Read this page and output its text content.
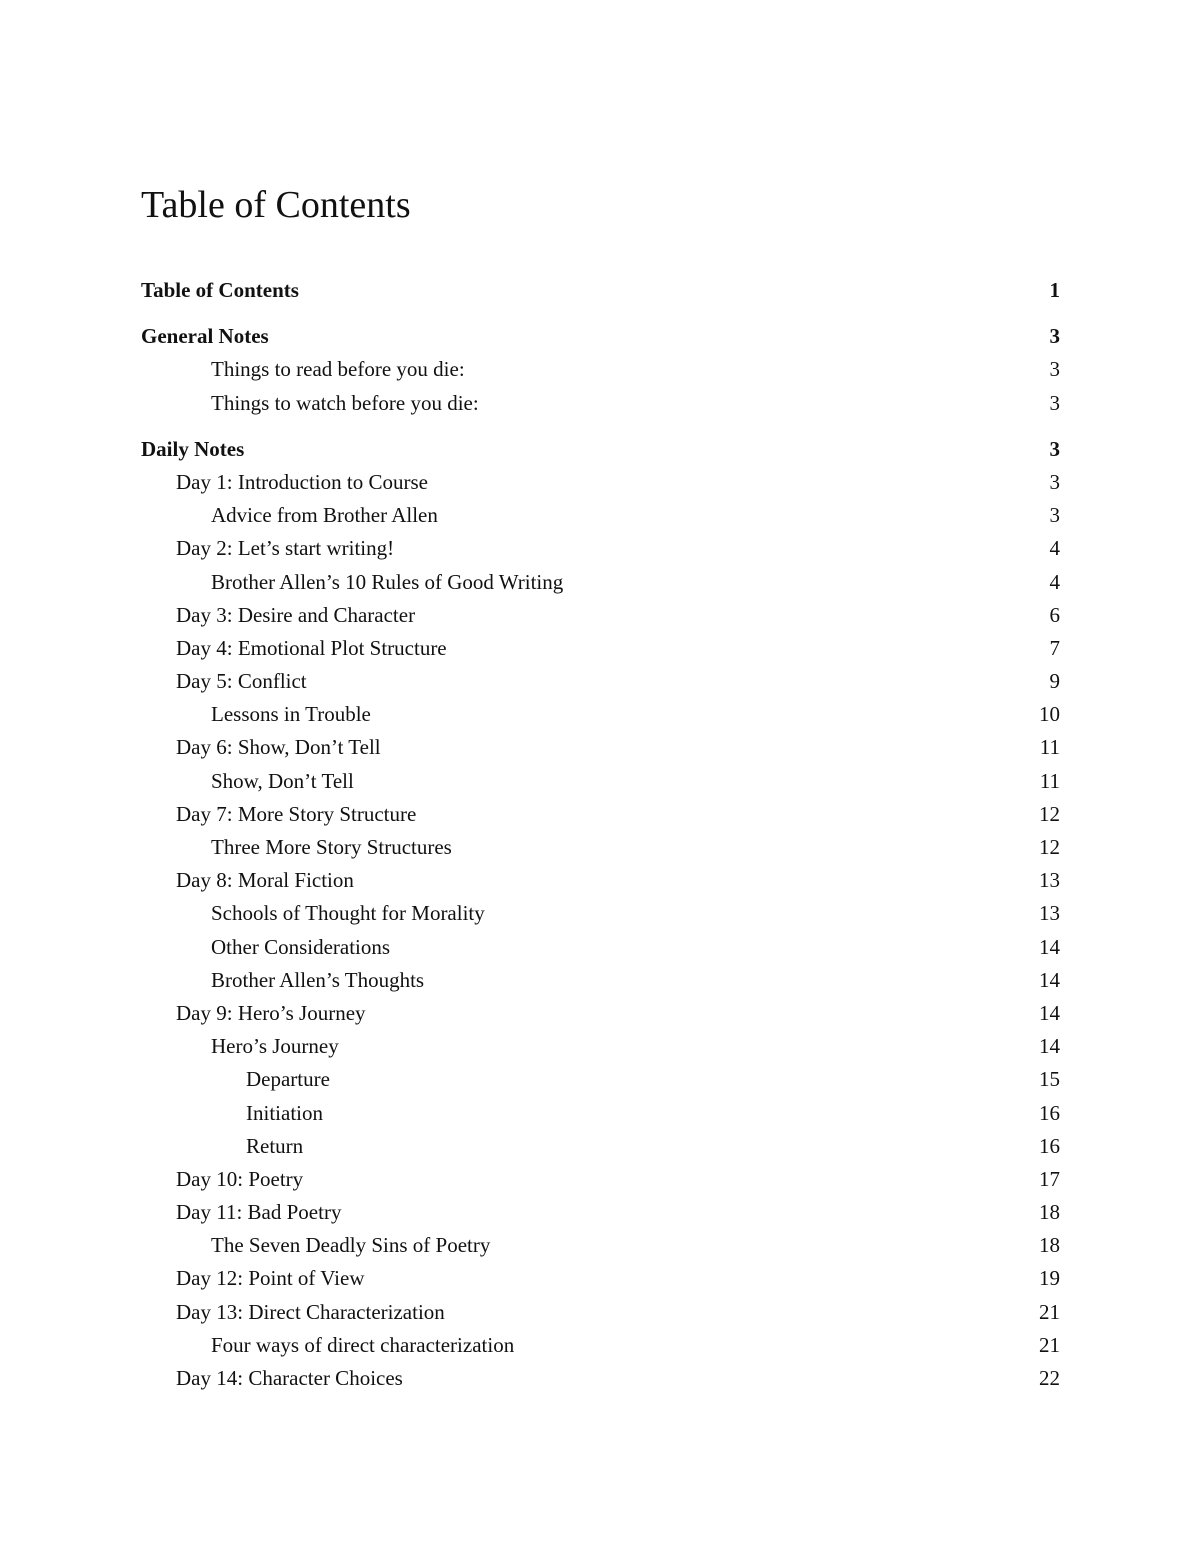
Table of Contents
Table of Contents	1
General Notes	3
Things to read before you die:	3
Things to watch before you die:	3
Daily Notes	3
Day 1: Introduction to Course	3
Advice from Brother Allen	3
Day 2: Let’s start writing!	4
Brother Allen’s 10 Rules of Good Writing	4
Day 3: Desire and Character	6
Day 4: Emotional Plot Structure	7
Day 5: Conflict	9
Lessons in Trouble	10
Day 6: Show, Don’t Tell	11
Show, Don’t Tell	11
Day 7: More Story Structure	12
Three More Story Structures	12
Day 8: Moral Fiction	13
Schools of Thought for Morality	13
Other Considerations	14
Brother Allen’s Thoughts	14
Day 9: Hero’s Journey	14
Hero’s Journey	14
Departure	15
Initiation	16
Return	16
Day 10: Poetry	17
Day 11: Bad Poetry	18
The Seven Deadly Sins of Poetry	18
Day 12: Point of View	19
Day 13: Direct Characterization	21
Four ways of direct characterization	21
Day 14: Character Choices	22
